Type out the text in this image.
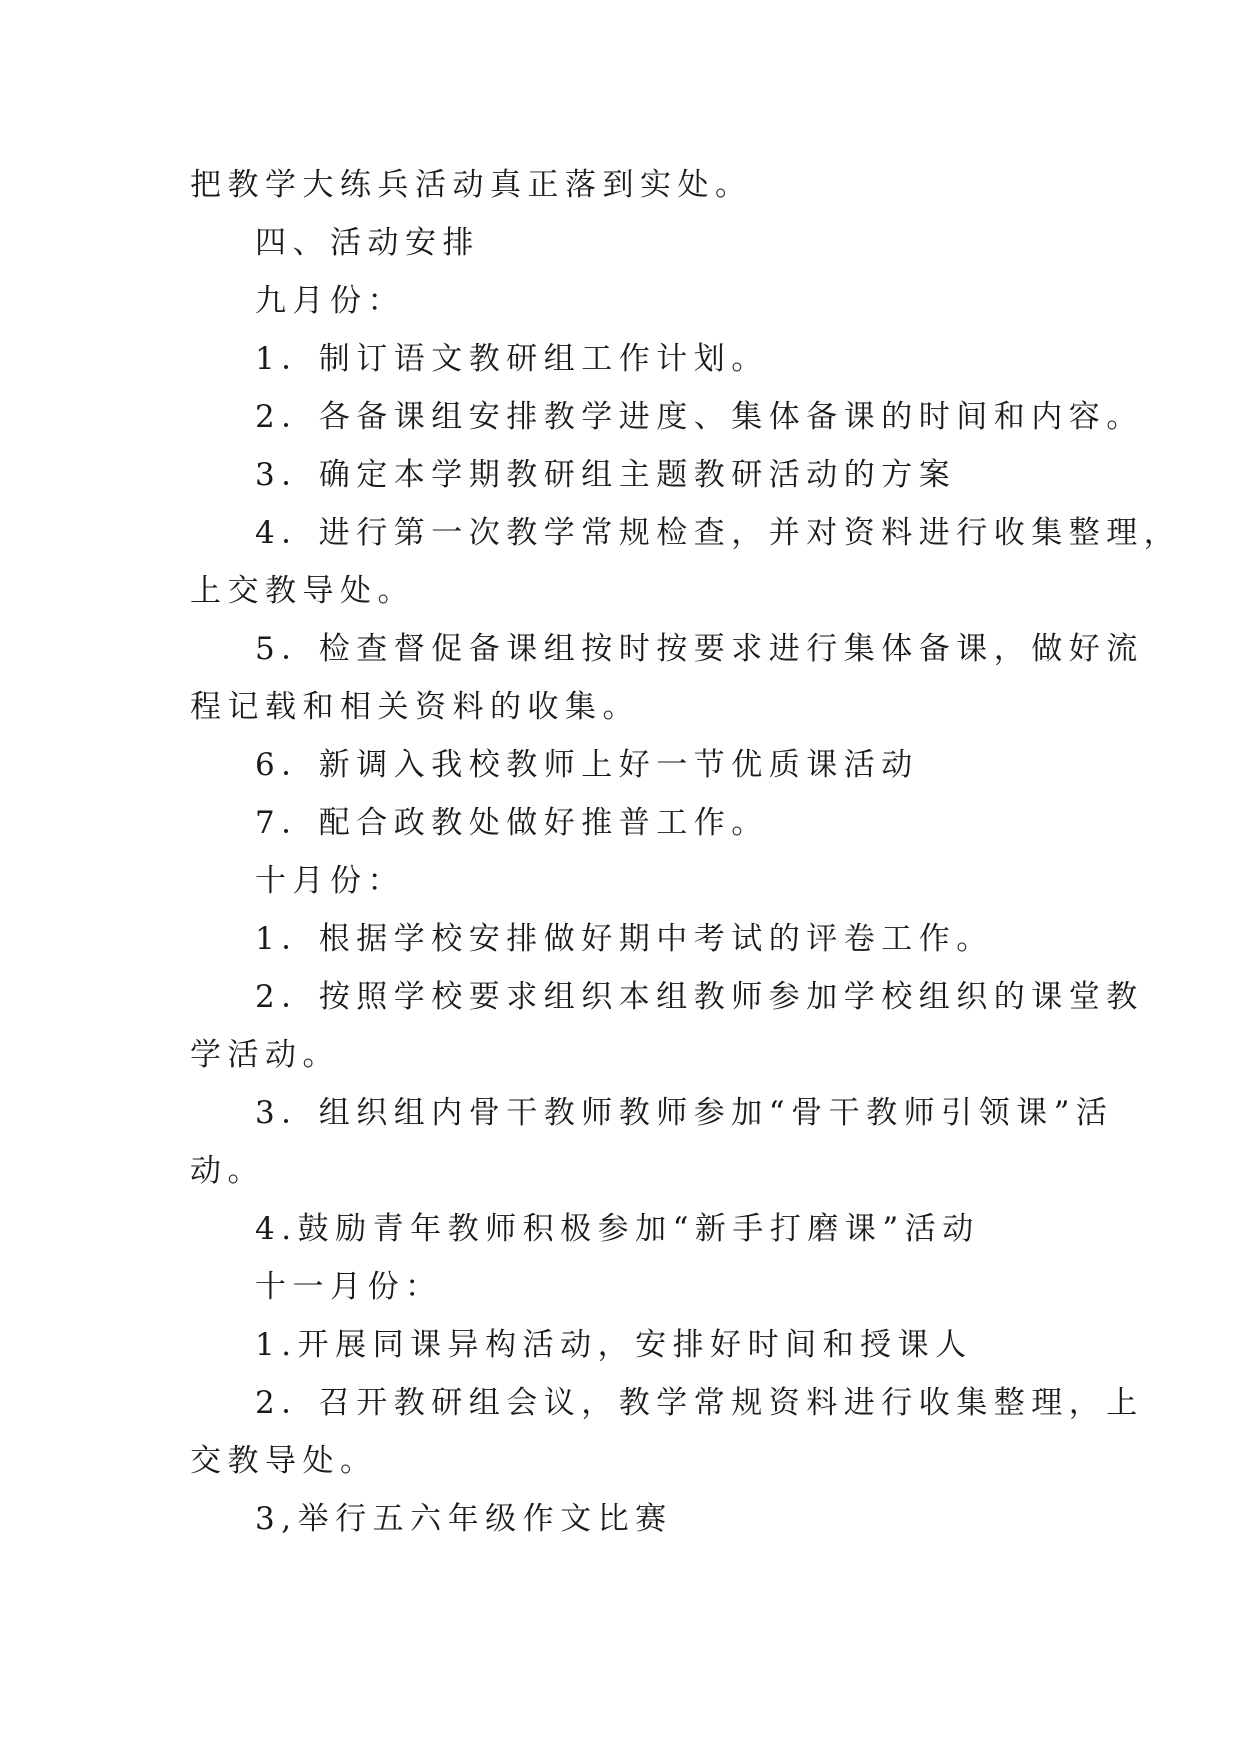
把教学大练兵活动真正落到实处。
四、活动安排
九月份：
1．制订语文教研组工作计划。
2．各备课组安排教学进度、集体备课的时间和内容。
3．确定本学期教研组主题教研活动的方案
4．进行第一次教学常规检查，并对资料进行收集整理，
上交教导处。
5．检查督促备课组按时按要求进行集体备课，做好流
程记载和相关资料的收集。
6．新调入我校教师上好一节优质课活动
7．配合政教处做好推普工作。
十月份：
1．根据学校安排做好期中考试的评卷工作。
2．按照学校要求组织本组教师参加学校组织的课堂教
学活动。
3．组织组内骨干教师教师参加“骨干教师引领课”活
动。
4.鼓励青年教师积极参加“新手打磨课”活动
十一月份：
1.开展同课异构活动，安排好时间和授课人
2．召开教研组会议，教学常规资料进行收集整理，上
交教导处。
3,举行五六年级作文比赛
